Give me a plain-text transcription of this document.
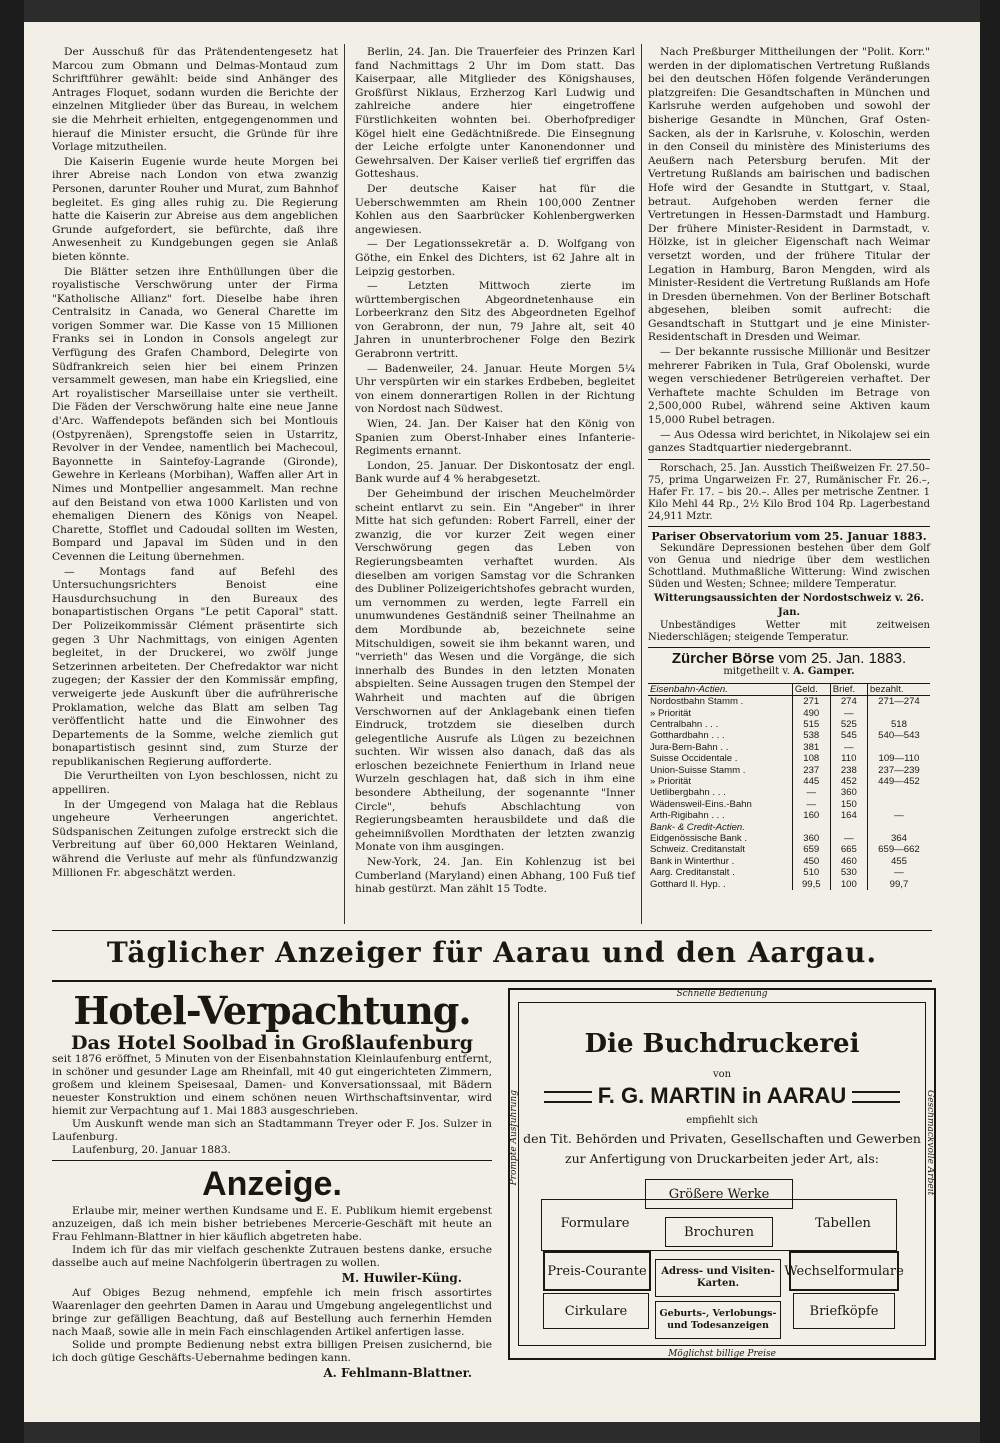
Der Ausschuß für das Prätendentengesetz hat Marcou zum Obmann und Delmas-Montaud zum Schriftführer gewählt: beide sind Anhänger des Antrages Floquet, sodann wurden die Berichte der einzelnen Mitglieder über das Bureau, in welchem sie die Mehrheit erhielten, entgegengenommen und hierauf die Minister ersucht, die Gründe für ihre Vorlage mitzutheilen.

Die Kaiserin Eugenie wurde heute Morgen bei ihrer Abreise nach London von etwa zwanzig Personen, darunter Rouher und Murat, zum Bahnhof begleitet. Es ging alles ruhig zu. Die Regierung hatte die Kaiserin zur Abreise aus dem angeblichen Grunde aufgefordert, sie befürchte, daß ihre Anwesenheit zu Kundgebungen gegen sie Anlaß bieten könnte.

Die Blätter setzen ihre Enthüllungen über die royalistische Verschwörung unter der Firma "Katholische Allianz" fort. Dieselbe habe ihren Centralsitz in Canada, wo General Charette im vorigen Sommer war. Die Kasse von 15 Millionen Franks sei in London in Consols angelegt zur Verfügung des Grafen Chambord, Delegirte von Südfrankreich seien hier bei einem Prinzen versammelt gewesen, man habe ein Kriegslied, eine Art royalistischer Marseillaise unter sie vertheilt. Die Fäden der Verschwörung halte eine neue Janne d'Arc. Waffendepots befänden sich bei Montlouis (Ostpyrenäen), Sprengstoffe seien in Ustarritz, Revolver in der Vendee, namentlich bei Machecoul, Bayonnette in Saintefoy-Lagrande (Gironde), Gewehre in Kerleans (Morbihan), Waffen aller Art in Nimes und Montpellier angesammelt. Man rechne auf den Beistand von etwa 1000 Karlisten und von ehemaligen Dienern des Königs von Neapel. Charette, Stofflet und Cadoudal sollten im Westen, Bompard und Japaval im Süden und in den Cevennen die Leitung übernehmen.

— Montags fand auf Befehl des Untersuchungsrichters Benoist eine Hausdurchsuchung in den Bureaux des bonapartistischen Organs "Le petit Caporal" statt. Der Polizeikommissär Clément präsentirte sich gegen 3 Uhr Nachmittags, von einigen Agenten begleitet, in der Druckerei, wo zwölf junge Setzerinnen arbeiteten. Der Chefredaktor war nicht zugegen; der Kassier der den Kommissär empfing, verweigerte jede Auskunft über die aufrührerische Proklamation, welche das Blatt am selben Tag veröffentlicht hatte und die Einwohner des Departements de la Somme, welche ziemlich gut bonapartistisch gesinnt sind, zum Sturze der republikanischen Regierung aufforderte.

Die Verurtheilten von Lyon beschlossen, nicht zu appelliren.

In der Umgegend von Malaga hat die Reblaus ungeheure Verheerungen angerichtet. Südspanischen Zeitungen zufolge erstreckt sich die Verbreitung auf über 60,000 Hektaren Weinland, während die Verluste auf mehr als fünfundzwanzig Millionen Fr. abgeschätzt werden.

Berlin, 24. Jan. Die Trauerfeier des Prinzen Karl fand Nachmittags 2 Uhr im Dom statt. Das Kaiserpaar, alle Mitglieder des Königshauses, Großfürst Niklaus, Erzherzog Karl Ludwig und zahlreiche andere hier eingetroffene Fürstlichkeiten wohnten bei. Oberhofprediger Kögel hielt eine Gedächtnißrede. Die Einsegnung der Leiche erfolgte unter Kanonendonner und Gewehrsalven. Der Kaiser verließ tief ergriffen das Gotteshaus.

Der deutsche Kaiser hat für die Ueberschwemmten am Rhein 100,000 Zentner Kohlen aus den Saarbrücker Kohlenbergwerken angewiesen.

— Der Legationssekretär a. D. Wolfgang von Göthe, ein Enkel des Dichters, ist 62 Jahre alt in Leipzig gestorben.

— Letzten Mittwoch zierte im württembergischen Abgeordnetenhause ein Lorbeerkranz den Sitz des Abgeordneten Egelhof von Gerabronn, der nun, 79 Jahre alt, seit 40 Jahren in ununterbrochener Folge den Bezirk Gerabronn vertritt.

— Badenweiler, 24. Januar. Heute Morgen 5¼ Uhr verspürten wir ein starkes Erdbeben, begleitet von einem donnerartigen Rollen in der Richtung von Nordost nach Südwest.

Wien, 24. Jan. Der Kaiser hat den König von Spanien zum Oberst-Inhaber eines Infanterie-Regiments ernannt.

London, 25. Januar. Der Diskontosatz der engl. Bank wurde auf 4 % herabgesetzt.

Der Geheimbund der irischen Meuchelmörder scheint entlarvt zu sein. Ein "Angeber" in ihrer Mitte hat sich gefunden: Robert Farrell, einer der zwanzig, die vor kurzer Zeit wegen einer Verschwörung gegen das Leben von Regierungsbeamten verhaftet wurden. Als dieselben am vorigen Samstag vor die Schranken des Dubliner Polizeigerichtshofes gebracht wurden, um vernommen zu werden, legte Farrell ein unumwundenes Geständniß seiner Theilnahme an dem Mordbunde ab, bezeichnete seine Mitschuldigen, soweit sie ihm bekannt waren, und "verrieth" das Wesen und die Vorgänge, die sich innerhalb des Bundes in den letzten Monaten abspielten. Seine Aussagen trugen den Stempel der Wahrheit und machten auf die übrigen Verschwornen auf der Anklagebank einen tiefen Eindruck, trotzdem sie dieselben durch gelegentliche Ausrufe als Lügen zu bezeichnen suchten. Wir wissen also danach, daß das als erloschen bezeichnete Fenierthum in Irland neue Wurzeln geschlagen hat, daß sich in ihm eine besondere Abtheilung, der sogenannte "Inner Circle", behufs Abschlachtung von Regierungsbeamten herausbildete und daß die geheimnißvollen Mordthaten der letzten zwanzig Monate von ihm ausgingen.

New-York, 24. Jan. Ein Kohlenzug ist bei Cumberland (Maryland) einen Abhang, 100 Fuß tief hinab gestürzt. Man zählt 15 Todte.

Nach Preßburger Mittheilungen der "Polit. Korr." werden in der diplomatischen Vertretung Rußlands bei den deutschen Höfen folgende Veränderungen platzgreifen: Die Gesandtschaften in München und Karlsruhe werden aufgehoben und sowohl der bisherige Gesandte in München, Graf Osten-Sacken, als der in Karlsruhe, v. Koloschin, werden in den Conseil du ministère des Ministeriums des Aeußern nach Petersburg berufen. Mit der Vertretung Rußlands am bairischen und badischen Hofe wird der Gesandte in Stuttgart, v. Staal, betraut. Aufgehoben werden ferner die Vertretungen in Hessen-Darmstadt und Hamburg. Der frühere Minister-Resident in Darmstadt, v. Hölzke, ist in gleicher Eigenschaft nach Weimar versetzt worden, und der frühere Titular der Legation in Hamburg, Baron Mengden, wird als Minister-Resident die Vertretung Rußlands am Hofe in Dresden übernehmen. Von der Berliner Botschaft abgesehen, bleiben somit aufrecht: die Gesandtschaft in Stuttgart und je eine Minister-Residentschaft in Dresden und Weimar.

— Der bekannte russische Millionär und Besitzer mehrerer Fabriken in Tula, Graf Obolenski, wurde wegen verschiedener Betrügereien verhaftet. Der Verhaftete machte Schulden im Betrage von 2,500,000 Rubel, während seine Aktiven kaum 15,000 Rubel betragen.

— Aus Odessa wird berichtet, in Nikolajew sei ein ganzes Stadtquartier niedergebrannt.

Rorschach, 25. Jan. Ausstich Theißweizen Fr. 27.50–75, prima Ungarweizen Fr. 27, Rumänischer Fr. 26.–, Hafer Fr. 17. – bis 20.–. Alles per metrische Zentner. 1 Kilo Mehl 44 Rp., 2½ Kilo Brod 104 Rp. Lagerbestand 24,911 Mztr.

Pariser Observatorium vom 25. Januar 1883.

Sekundäre Depressionen bestehen über dem Golf von Genua und niedrige über dem westlichen Schottland. Muthmaßliche Witterung: Wind zwischen Süden und Westen; Schnee; mildere Temperatur.

Witterungsaussichten der Nordostschweiz v. 26. Jan.

Unbeständiges Wetter mit zeitweisen Niederschlägen; steigende Temperatur.

Zürcher Börse vom 25. Jan. 1883.
mitgetheilt v. A. Gamper.
Eisenbahn-Actien.	Geld.	Brief.	bezahlt.
Nordostbahn Stamm .	271	274	271—274
» Priorität	490	—	
Centralbahn . . .	515	525	518
Gotthardbahn . . .	538	545	540—543
Jura-Bern-Bahn . .	381	—	
Suisse Occidentale .	108	110	109—110
Union-Suisse Stamm .	237	238	237—239
» Priorität	445	452	449—452
Uetlibergbahn . . .	—	360	
Wädensweil-Eins.-Bahn	—	150	
Arth-Rigibahn . . .	160	164	—
Bank- & Credit-Actien.			
Eidgenössische Bank .	360	—	364
Schweiz. Creditanstalt	659	665	659—662
Bank in Winterthur .	450	460	455
Aarg. Creditanstalt .	510	530	—
Gotthard II. Hyp. .	99,5	100	99,7
Täglicher Anzeiger für Aarau und den Aargau.
Hotel-Verpachtung.
Das Hotel Soolbad in Großlaufenburg

seit 1876 eröffnet, 5 Minuten von der Eisenbahnstation Kleinlaufenburg entfernt, in schöner und gesunder Lage am Rheinfall, mit 40 gut eingerichteten Zimmern, großem und kleinem Speisesaal, Damen- und Konversationssaal, mit Bädern neuester Konstruktion und einem schönen neuen Wirthschaftsinventar, wird hiemit zur Verpachtung auf 1. Mai 1883 ausgeschrieben.

Um Auskunft wende man sich an Stadtammann Treyer oder F. Jos. Sulzer in Laufenburg.

Laufenburg, 20. Januar 1883.

Anzeige.

Erlaube mir, meiner werthen Kundsame und E. E. Publikum hiemit ergebenst anzuzeigen, daß ich mein bisher betriebenes Mercerie-Geschäft mit heute an Frau Fehlmann-Blattner in hier käuflich abgetreten habe.

Indem ich für das mir vielfach geschenkte Zutrauen bestens danke, ersuche dasselbe auch auf meine Nachfolgerin übertragen zu wollen.

M. Huwiler-Küng.

Auf Obiges Bezug nehmend, empfehle ich mein frisch assortirtes Waarenlager den geehrten Damen in Aarau und Umgebung angelegentlichst und bringe zur gefälligen Beachtung, daß auf Bestellung auch fernerhin Hemden nach Maaß, sowie alle in mein Fach einschlagenden Artikel anfertigen lasse.

Solide und prompte Bedienung nebst extra billigen Preisen zusichernd, bie ich doch gütige Geschäfts-Uebernahme bedingen kann.

A. Fehlmann-Blattner.

Schnelle Bedienung
Möglichst billige Preise
Prompte Ausführung	Geschmackvolle Arbeit
Die Buchdruckerei
von
F. G. MARTIN in AARAU
empfiehlt sich
den Tit. Behörden und Privaten, Gesellschaften und Gewerben
zur Anfertigung von Druckarbeiten jeder Art, als:
Größere Werke
Formulare	Tabellen
Brochuren
Preis-Courante	Wechselformulare
Adress- und Visiten-Karten.
Cirkulare	Briefköpfe
Geburts-, Verlobungs- und Todesanzeigen
